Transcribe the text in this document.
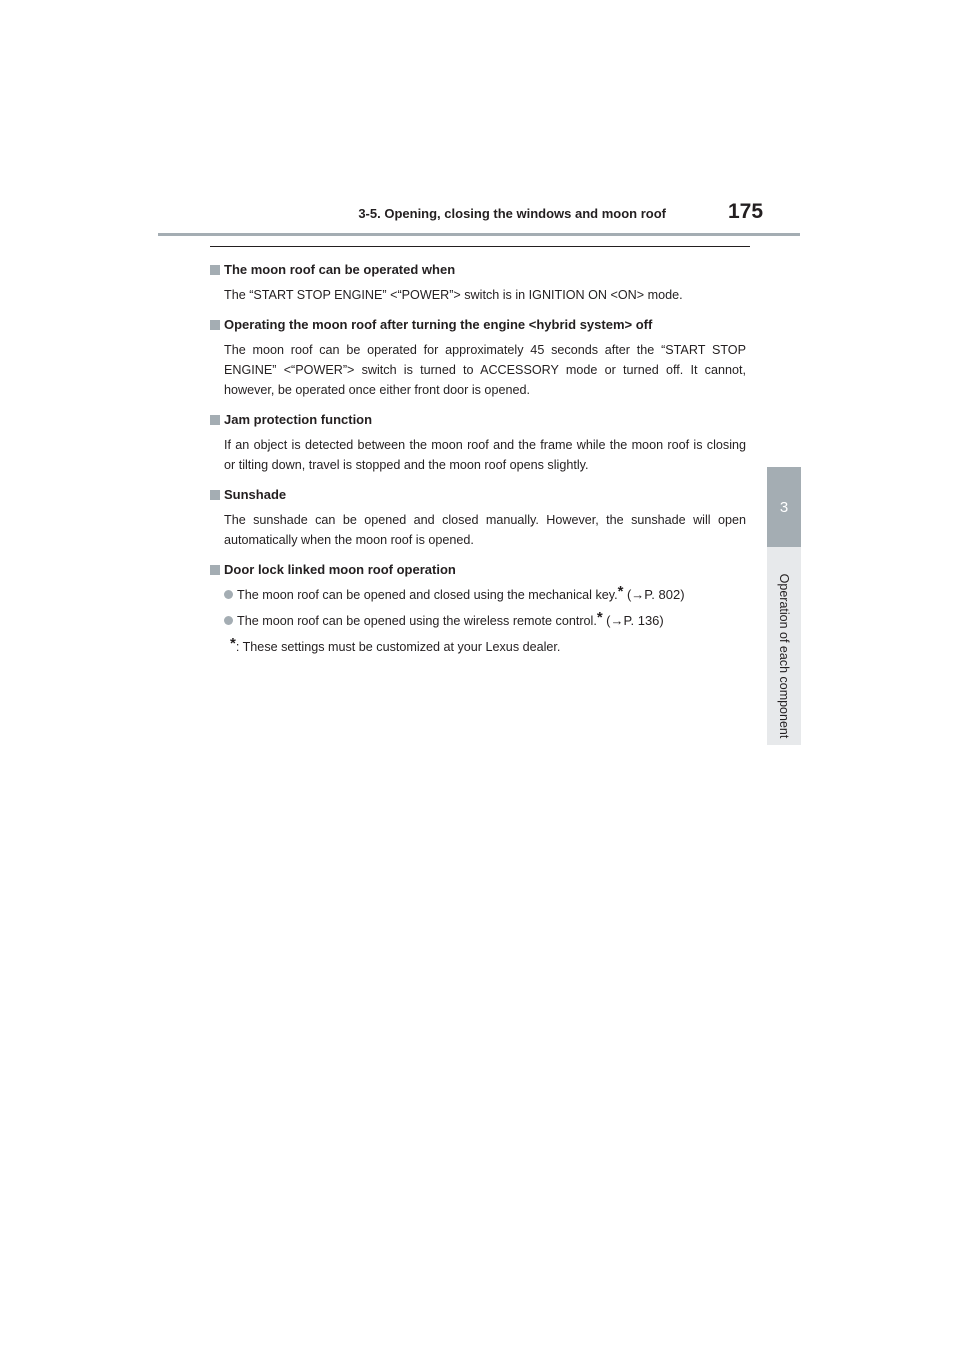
3-5. Opening, closing the windows and moon roof	175
3
Operation of each component
The moon roof can be operated when
The “START STOP ENGINE” <“POWER”> switch is in IGNITION ON <ON> mode.
Operating the moon roof after turning the engine <hybrid system> off
The moon roof can be operated for approximately 45 seconds after the “START STOP ENGINE” <“POWER”> switch is turned to ACCESSORY mode or turned off. It cannot, however, be operated once either front door is opened.
Jam protection function
If an object is detected between the moon roof and the frame while the moon roof is closing or tilting down, travel is stopped and the moon roof opens slightly.
Sunshade
The sunshade can be opened and closed manually. However, the sunshade will open automatically when the moon roof is opened.
Door lock linked moon roof operation
The moon roof can be opened and closed using the mechanical key.* (→P. 802)
The moon roof can be opened using the wireless remote control.* (→P. 136)
*: These settings must be customized at your Lexus dealer.
